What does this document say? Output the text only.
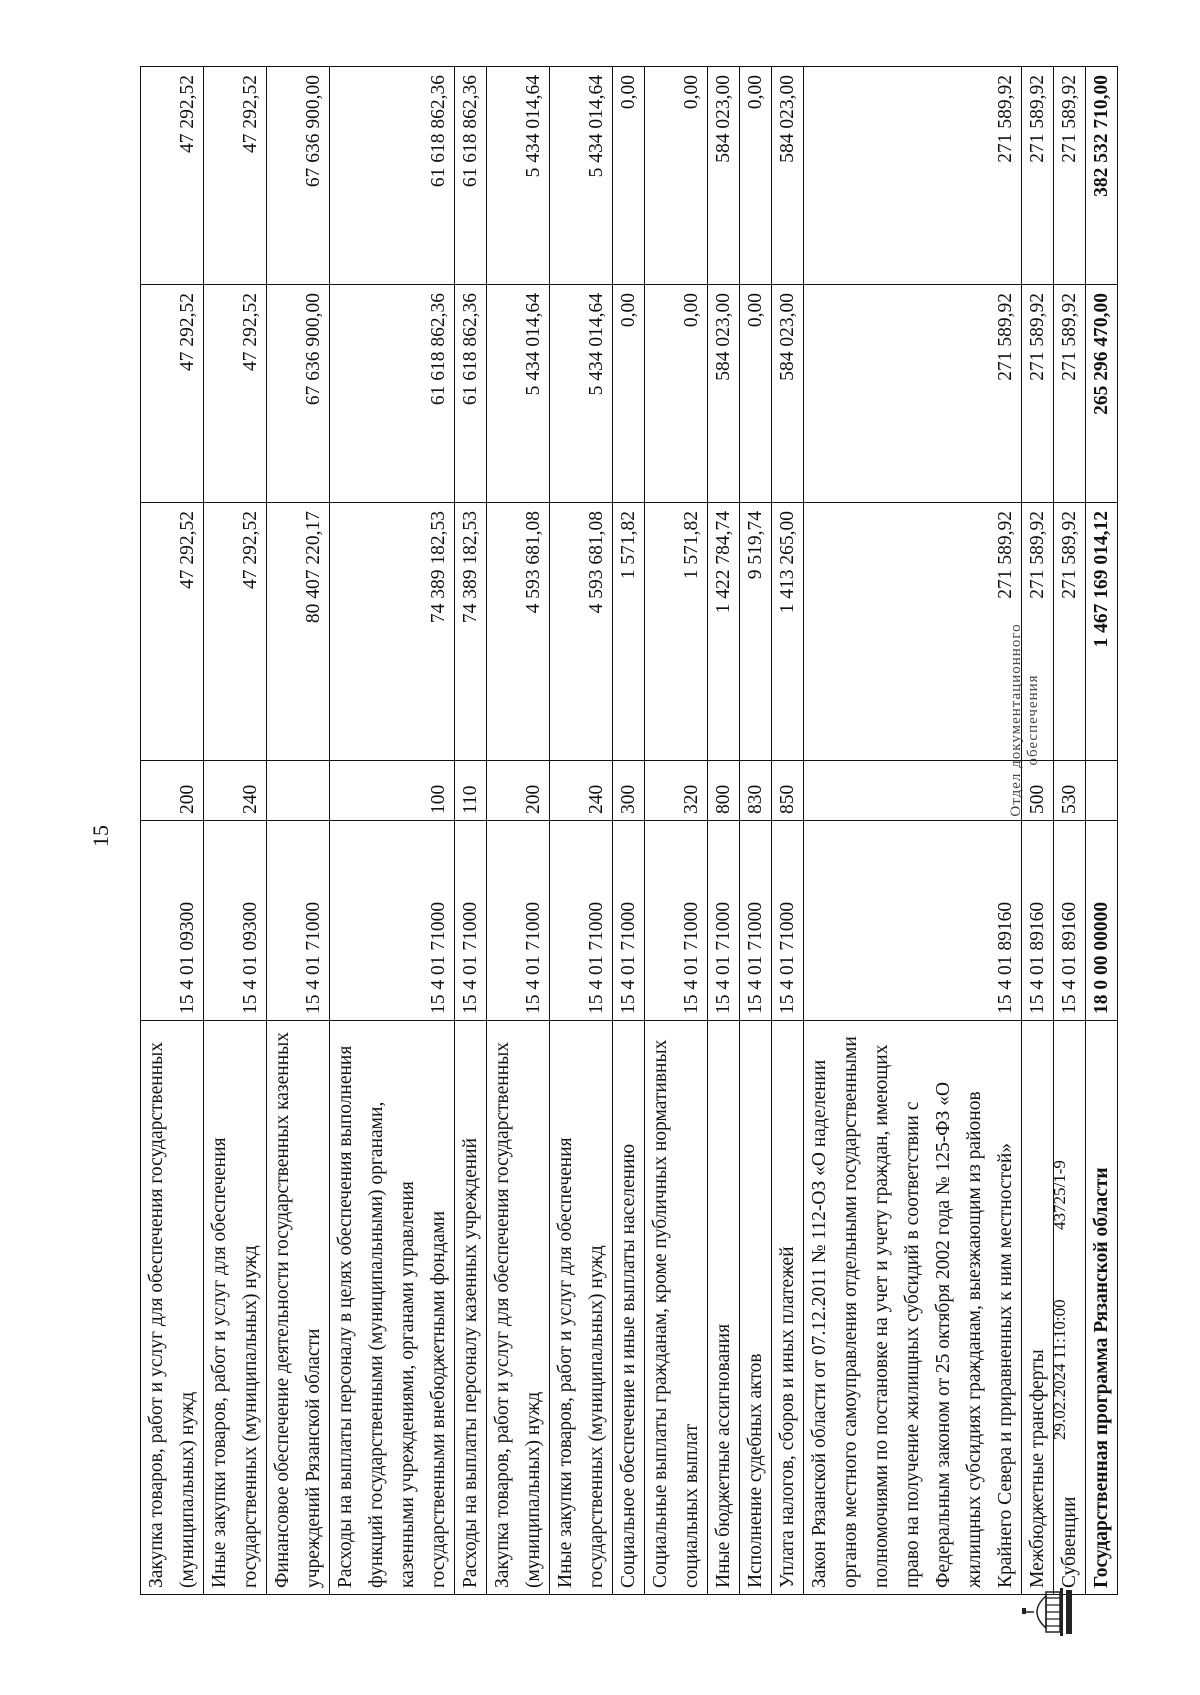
15
Закупка товаров, работ и услуг для обеспечения государственных (муниципальных) нужд	15 4 01 09300	200	47 292,52	47 292,52	47 292,52
Иные закупки товаров, работ и услуг для обеспечения государственных (муниципальных) нужд	15 4 01 09300	240	47 292,52	47 292,52	47 292,52
Финансовое обеспечение деятельности государственных казенных учреждений Рязанской области	15 4 01 71000		80 407 220,17	67 636 900,00	67 636 900,00
Расходы на выплаты персоналу в целях обеспечения выполнения функций государственными (муниципальными) органами, казенными учреждениями, органами управления государственными внебюджетными фондами	15 4 01 71000	100	74 389 182,53	61 618 862,36	61 618 862,36
Расходы на выплаты персоналу казенных учреждений	15 4 01 71000	110	74 389 182,53	61 618 862,36	61 618 862,36
Закупка товаров, работ и услуг для обеспечения государственных (муниципальных) нужд	15 4 01 71000	200	4 593 681,08	5 434 014,64	5 434 014,64
Иные закупки товаров, работ и услуг для обеспечения государственных (муниципальных) нужд	15 4 01 71000	240	4 593 681,08	5 434 014,64	5 434 014,64
Социальное обеспечение и иные выплаты населению	15 4 01 71000	300	1 571,82	0,00	0,00
Социальные выплаты гражданам, кроме публичных нормативных социальных выплат	15 4 01 71000	320	1 571,82	0,00	0,00
Иные бюджетные ассигнования	15 4 01 71000	800	1 422 784,74	584 023,00	584 023,00
Исполнение судебных актов	15 4 01 71000	830	9 519,74	0,00	0,00
Уплата налогов, сборов и иных платежей	15 4 01 71000	850	1 413 265,00	584 023,00	584 023,00
Закон Рязанской области от 07.12.2011 № 112-ОЗ «О наделении органов местного самоуправления отдельными государственными полномочиями по постановке на учет и учету граждан, имеющих право на получение жилищных субсидий в соответствии с Федеральным законом от 25 октября 2002 года № 125-ФЗ «О жилищных субсидиях гражданам, выезжающим из районов Крайнего Севера и приравненных к ним местностей»	15 4 01 89160		271 589,92	271 589,92	271 589,92
Межбюджетные трансферты	15 4 01 89160	500	271 589,92	271 589,92	271 589,92
Субвенции	15 4 01 89160	530	271 589,92	271 589,92	271 589,92
Государственная программа Рязанской области	18 0 00 00000		1 467 169 014,12	265 296 470,00	382 532 710,00
29.02.2024 11:10:00
43725/1-9
Отдел документационного обеспечения
